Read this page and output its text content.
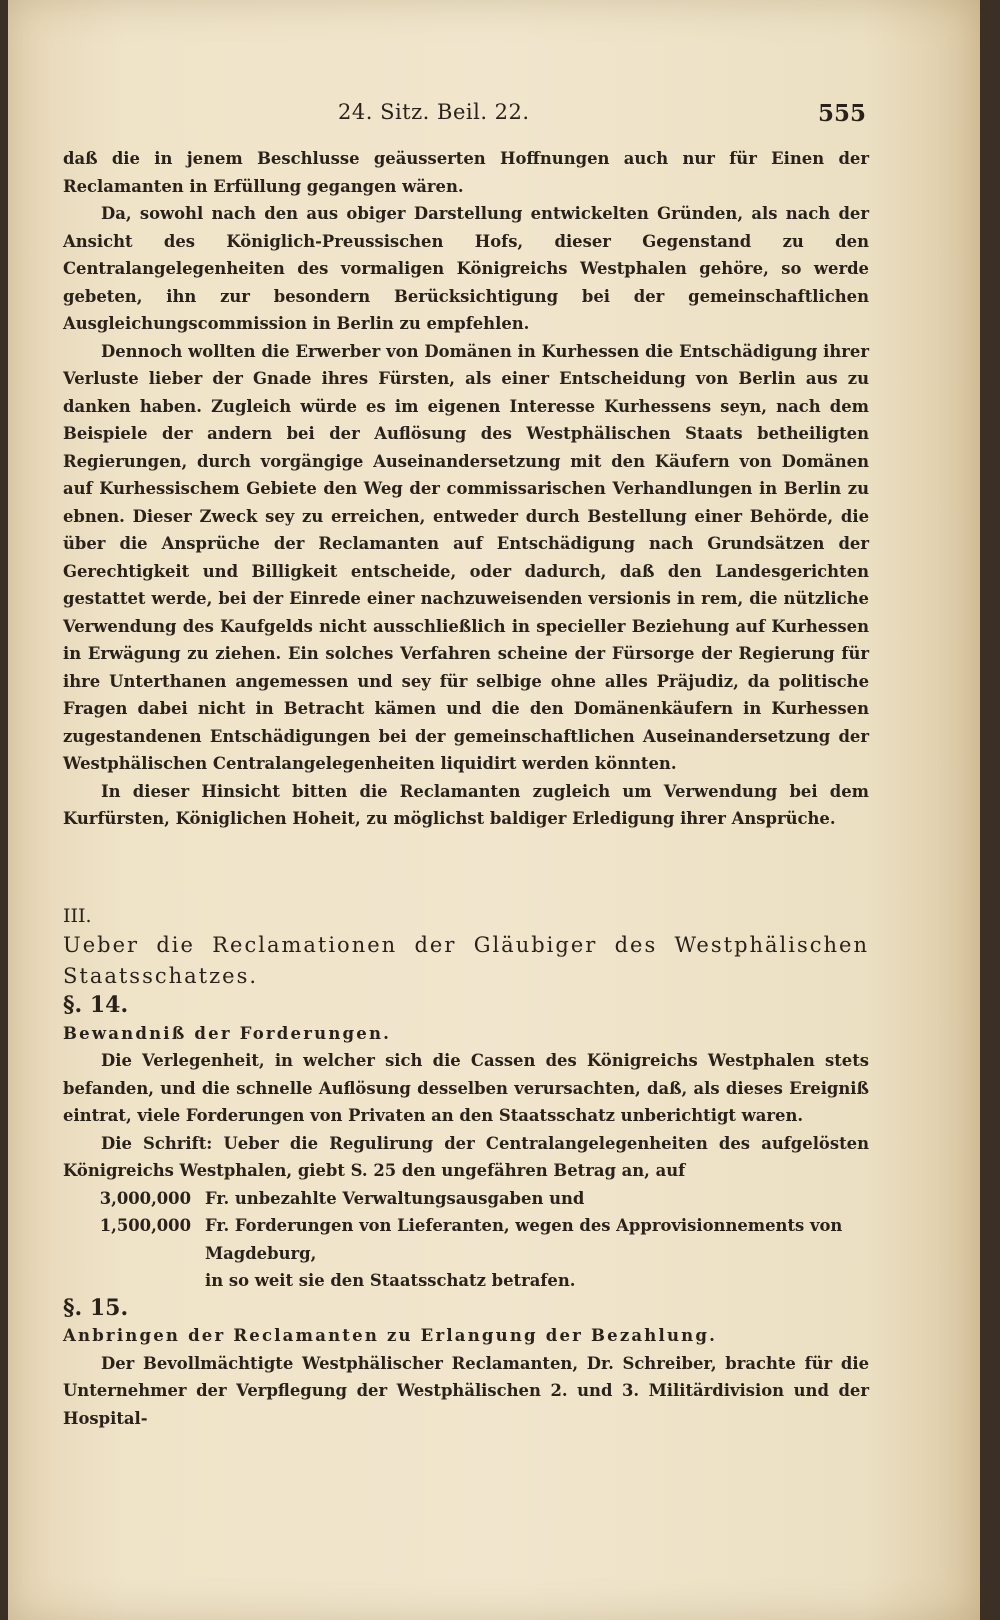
24. Sitz. Beil. 22.	555

daß die in jenem Beschlusse geäusserten Hoffnungen auch nur für Einen der Reclamanten in Erfüllung gegangen wären.

Da, sowohl nach den aus obiger Darstellung entwickelten Gründen, als nach der Ansicht des Königlich-Preussischen Hofs, dieser Gegenstand zu den Centralangelegenheiten des vormaligen Königreichs Westphalen gehöre, so werde gebeten, ihn zur besondern Berücksichtigung bei der gemeinschaftlichen Ausgleichungscommission in Berlin zu empfehlen.

Dennoch wollten die Erwerber von Domänen in Kurhessen die Entschädigung ihrer Verluste lieber der Gnade ihres Fürsten, als einer Entscheidung von Berlin aus zu danken haben. Zugleich würde es im eigenen Interesse Kurhessens seyn, nach dem Beispiele der andern bei der Auflösung des Westphälischen Staats betheiligten Regierungen, durch vorgängige Auseinandersetzung mit den Käufern von Domänen auf Kurhessischem Gebiete den Weg der commissarischen Verhandlungen in Berlin zu ebnen. Dieser Zweck sey zu erreichen, entweder durch Bestellung einer Behörde, die über die Ansprüche der Reclamanten auf Entschädigung nach Grundsätzen der Gerechtigkeit und Billigkeit entscheide, oder dadurch, daß den Landesgerichten gestattet werde, bei der Einrede einer nachzuweisenden versionis in rem, die nützliche Verwendung des Kaufgelds nicht ausschließlich in specieller Beziehung auf Kurhessen in Erwägung zu ziehen. Ein solches Verfahren scheine der Fürsorge der Regierung für ihre Unterthanen angemessen und sey für selbige ohne alles Präjudiz, da politische Fragen dabei nicht in Betracht kämen und die den Domänenkäufern in Kurhessen zugestandenen Entschädigungen bei der gemeinschaftlichen Auseinandersetzung der Westphälischen Centralangelegenheiten liquidirt werden könnten.

In dieser Hinsicht bitten die Reclamanten zugleich um Verwendung bei dem Kurfürsten, Königlichen Hoheit, zu möglichst baldiger Erledigung ihrer Ansprüche.

III.

Ueber die Reclamationen der Gläubiger des Westphälischen Staatsschatzes.

§. 14.

Bewandniß der Forderungen.

Die Verlegenheit, in welcher sich die Cassen des Königreichs Westphalen stets befanden, und die schnelle Auflösung desselben verursachten, daß, als dieses Ereigniß eintrat, viele Forderungen von Privaten an den Staatsschatz unberichtigt waren.

Die Schrift: Ueber die Regulirung der Centralangelegenheiten des aufgelösten Königreichs Westphalen, giebt S. 25 den ungefähren Betrag an, auf

3,000,000 Fr. unbezahlte Verwaltungsausgaben und
1,500,000 Fr. Forderungen von Lieferanten, wegen des Approvisionnements von Magdeburg,

in so weit sie den Staatsschatz betrafen.

§. 15.

Anbringen der Reclamanten zu Erlangung der Bezahlung.

Der Bevollmächtigte Westphälischer Reclamanten, Dr. Schreiber, brachte für die Unternehmer der Verpflegung der Westphälischen 2. und 3. Militärdivision und der Hospital-
